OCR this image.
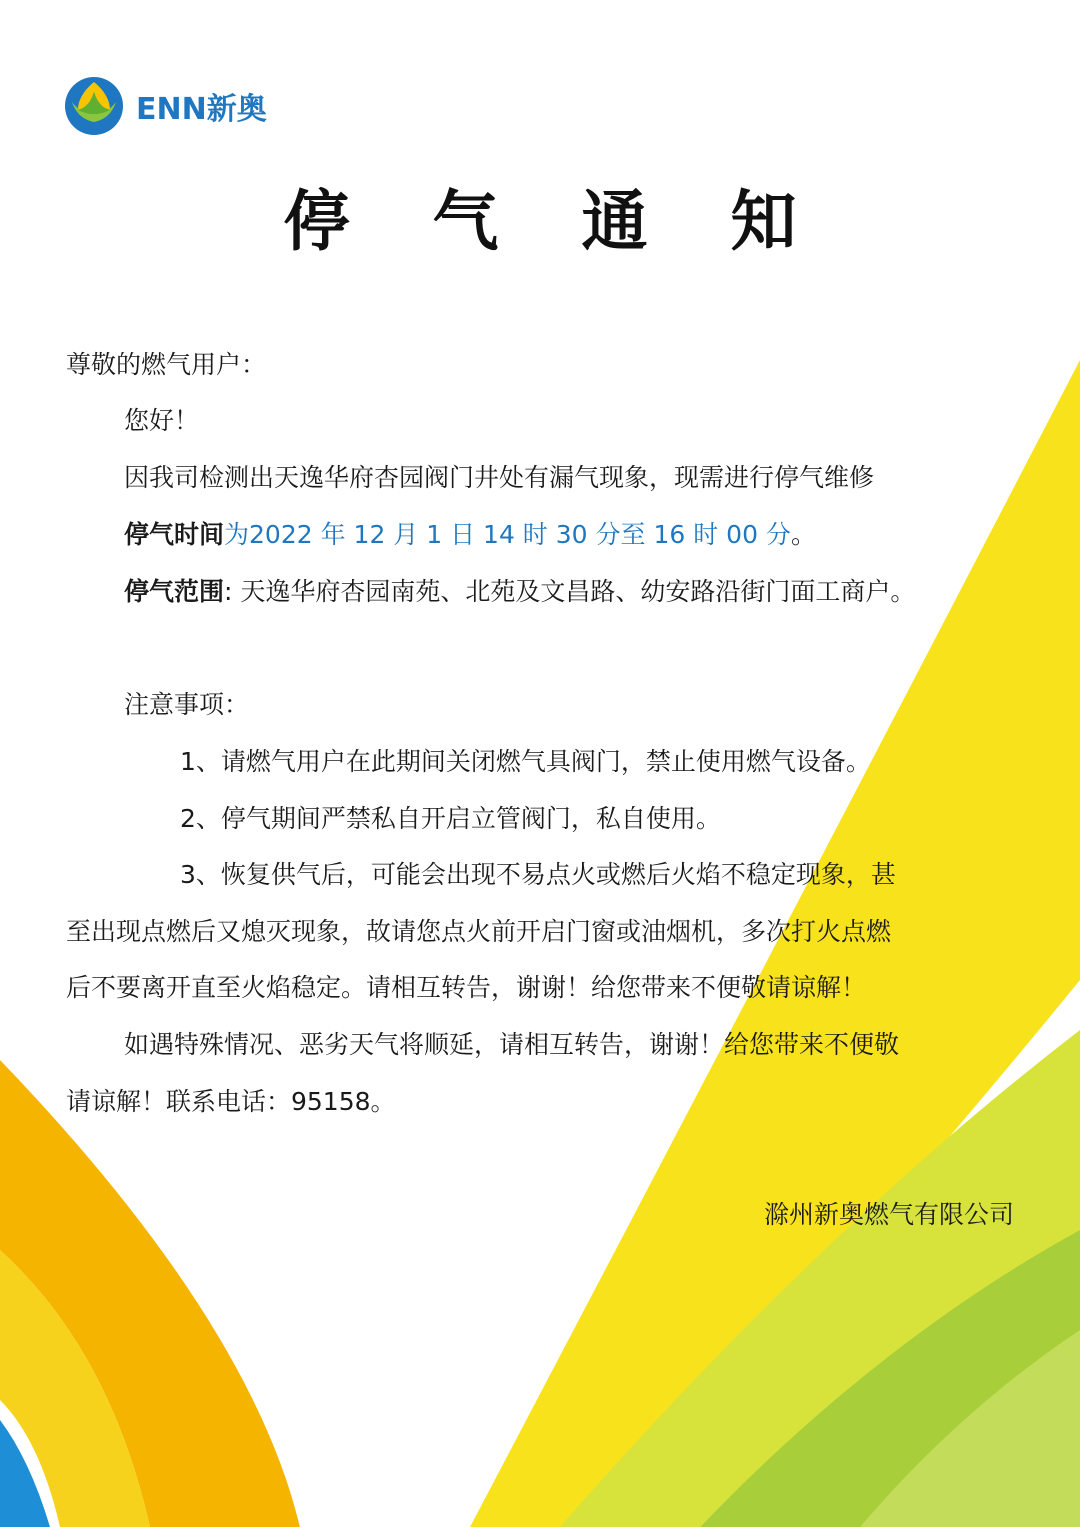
ENN新奥
停 气 通 知
尊敬的燃气用户：
您好！
因我司检测出天逸华府杏园阀门井处有漏气现象，现需进行停气维修
停气时间为2022 年 12 月 1 日 14 时 30 分至 16 时 00 分。
停气范围: 天逸华府杏园南苑、北苑及文昌路、幼安路沿街门面工商户。
注意事项：
1、请燃气用户在此期间关闭燃气具阀门，禁止使用燃气设备。
2、停气期间严禁私自开启立管阀门，私自使用。
3、恢复供气后，可能会出现不易点火或燃后火焰不稳定现象，甚
至出现点燃后又熄灭现象，故请您点火前开启门窗或油烟机，多次打火点燃
后不要离开直至火焰稳定。请相互转告，谢谢！给您带来不便敬请谅解！
如遇特殊情况、恶劣天气将顺延，请相互转告，谢谢！给您带来不便敬
请谅解！联系电话：95158。
滁州新奥燃气有限公司
